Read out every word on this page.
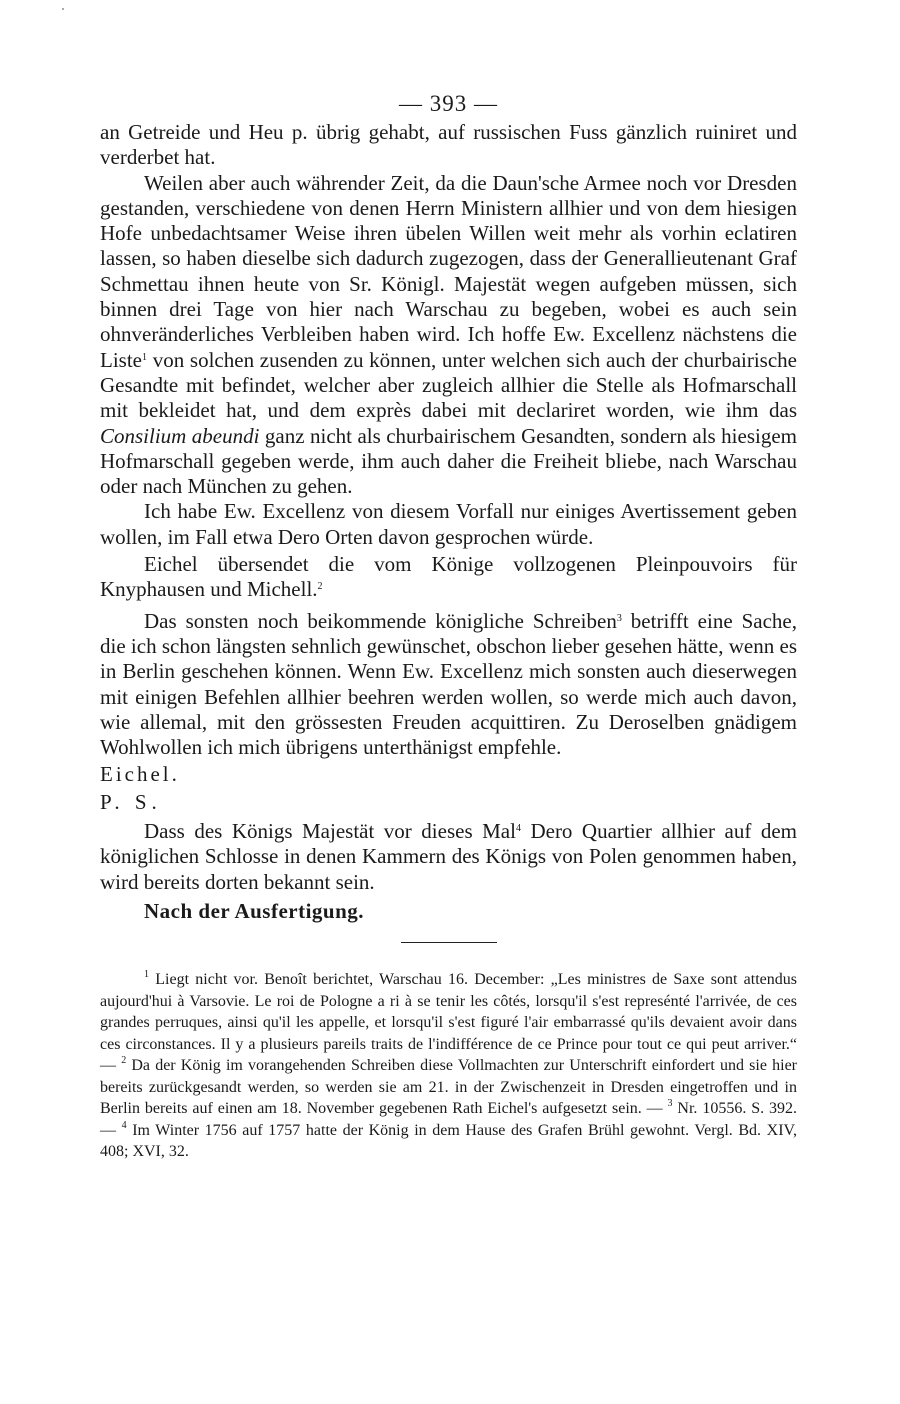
— 393 —

an Getreide und Heu p. übrig gehabt, auf russischen Fuss gänzlich ruiniret und verderbet hat.

Weilen aber auch währender Zeit, da die Daun'sche Armee noch vor Dresden gestanden, verschiedene von denen Herrn Ministern allhier und von dem hiesigen Hofe unbedachtsamer Weise ihren übelen Willen weit mehr als vorhin eclatiren lassen, so haben dieselbe sich dadurch zugezogen, dass der Generallieutenant Graf Schmettau ihnen heute von Sr. Königl. Majestät wegen aufgeben müssen, sich binnen drei Tage von hier nach Warschau zu begeben, wobei es auch sein ohnveränderliches Verbleiben haben wird. Ich hoffe Ew. Excellenz nächstens die Liste$^1$ von solchen zusenden zu können, unter welchen sich auch der churbairische Gesandte mit befindet, welcher aber zugleich allhier die Stelle als Hofmarschall mit bekleidet hat, und dem exprès dabei mit declariret worden, wie ihm das Consilium abeundi ganz nicht als churbairischem Gesandten, sondern als hiesigem Hofmarschall gegeben werde, ihm auch daher die Freiheit bliebe, nach Warschau oder nach München zu gehen.

Ich habe Ew. Excellenz von diesem Vorfall nur einiges Avertissement geben wollen, im Fall etwa Dero Orten davon gesprochen würde.

Eichel übersendet die vom Könige vollzogenen Pleinpouvoirs für Knyphausen und Michell.$^2$

Das sonsten noch beikommende königliche Schreiben$^3$ betrifft eine Sache, die ich schon längsten sehnlich gewünschet, obschon lieber gesehen hätte, wenn es in Berlin geschehen können. Wenn Ew. Excellenz mich sonsten auch dieserwegen mit einigen Befehlen allhier beehren werden wollen, so werde mich auch davon, wie allemal, mit den grössesten Freuden acquittiren. Zu Deroselben gnädigem Wohlwollen ich mich übrigens unterthänigst empfehle.

Eichel.

P. S.

Dass des Königs Majestät vor dieses Mal$^4$ Dero Quartier allhier auf dem königlichen Schlosse in denen Kammern des Königs von Polen genommen haben, wird bereits dorten bekannt sein.

Nach der Ausfertigung.

$^1$ Liegt nicht vor. Benoît berichtet, Warschau 16. December: „Les ministres de Saxe sont attendus aujourd'hui à Varsovie. Le roi de Pologne a ri à se tenir les côtés, lorsqu'il s'est represénté l'arrivée, de ces grandes perruques, ainsi qu'il les appelle, et lorsqu'il s'est figuré l'air embarrassé qu'ils devaient avoir dans ces circonstances. Il y a plusieurs pareils traits de l'indifférence de ce Prince pour tout ce qui peut arriver.“ — $^2$ Da der König im vorangehenden Schreiben diese Vollmachten zur Unterschrift einfordert und sie hier bereits zurückgesandt werden, so werden sie am 21. in der Zwischenzeit in Dresden eingetroffen und in Berlin bereits auf einen am 18. November gegebenen Rath Eichel's aufgesetzt sein. — $^3$ Nr. 10556. S. 392. — $^4$ Im Winter 1756 auf 1757 hatte der König in dem Hause des Grafen Brühl gewohnt. Vergl. Bd. XIV, 408; XVI, 32.
